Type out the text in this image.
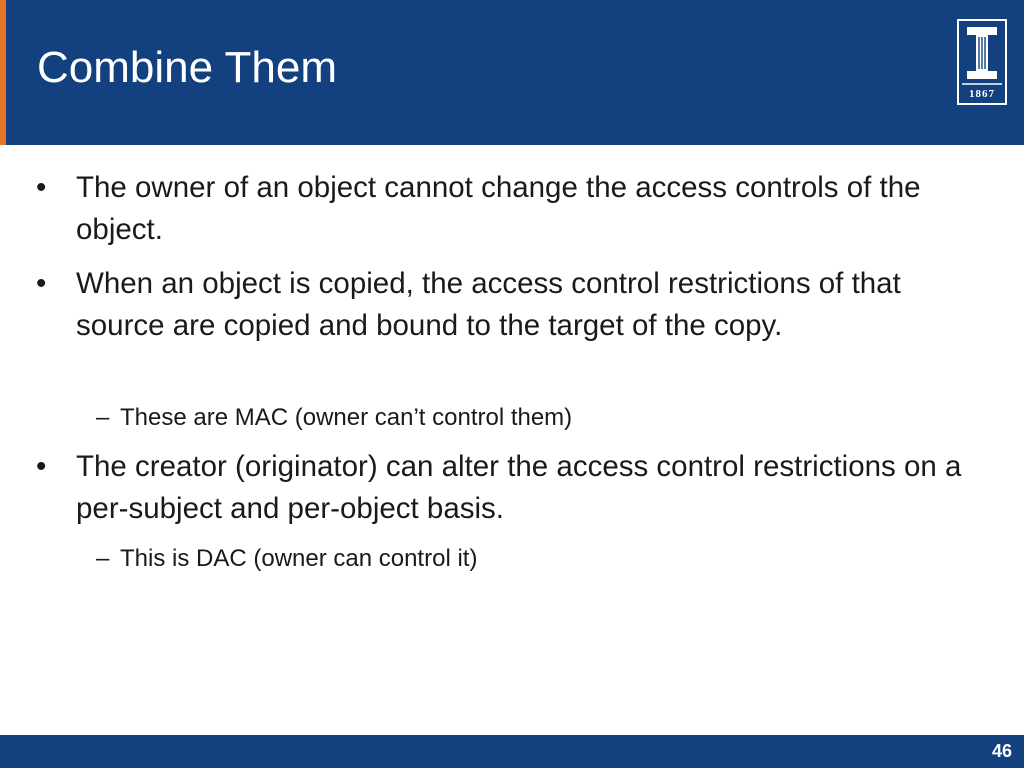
Combine Them
1867
•	The owner of an object cannot change the access controls of the object.
•	When an object is copied, the access control restrictions of that source are copied and bound to the target of the copy.
– These are MAC (owner can’t control them)
•	The creator (originator) can alter the access control restrictions on a per-subject and per-object basis.
– This is DAC (owner can control it)
46
